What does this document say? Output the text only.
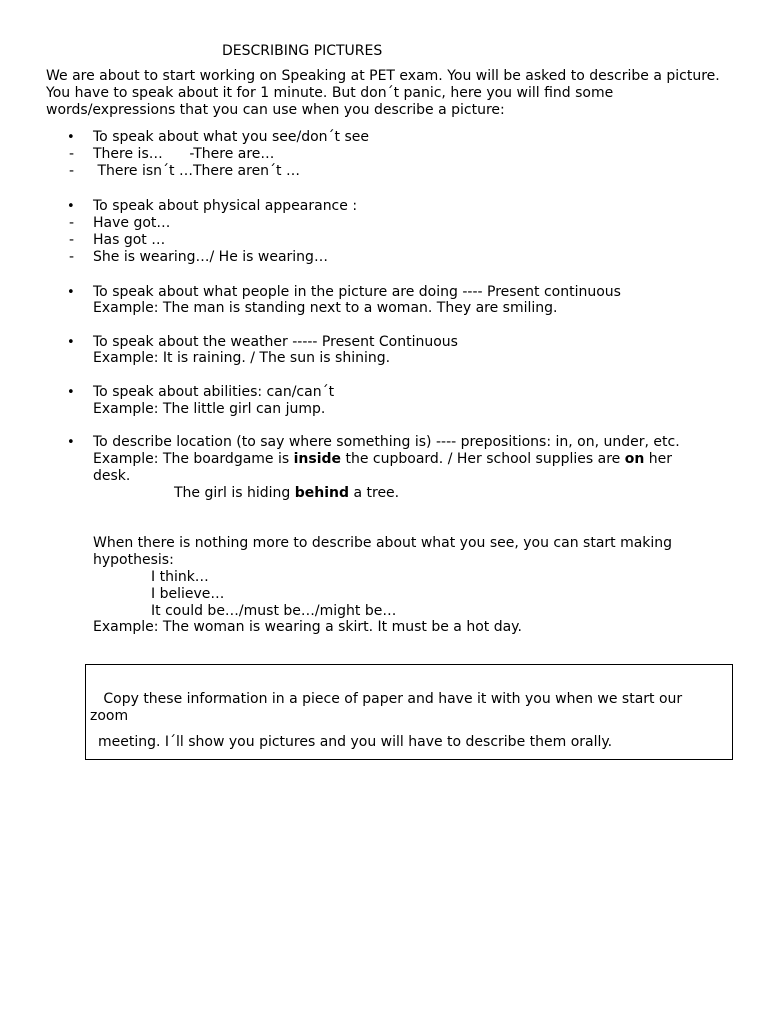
DESCRIBING PICTURES
We are about to start working on Speaking at PET exam. You will be asked to describe a picture. You have to speak about it for 1 minute. But don´t panic, here you will find some words/expressions that you can use when you describe a picture:
• To speak about what you see/don´t see
- There is…      -There are…
- There isn´t …There aren´t …
• To speak about physical appearance :
- Have got…
- Has got …
- She is wearing…/ He is wearing…
• To speak about what people in the picture are doing ---- Present continuous
Example: The man is standing next to a woman. They are smiling.
• To speak about the weather ----- Present Continuous
Example: It is raining. / The sun is shining.
• To speak about abilities: can/can´t
Example: The little girl can jump.
• To describe location (to say where something is) ---- prepositions: in, on, under, etc.
Example: The boardgame is inside the cupboard. / Her school supplies are on her
desk.
The girl is hiding behind a tree.
When there is nothing more to describe about what you see, you can start making
hypothesis:
I think…
I believe…
It could be…/must be…/might be…
Example: The woman is wearing a skirt. It must be a hot day.
Copy these information in a piece of paper and have it with you when we start our zoom
meeting. I´ll show you pictures and you will have to describe them orally.
